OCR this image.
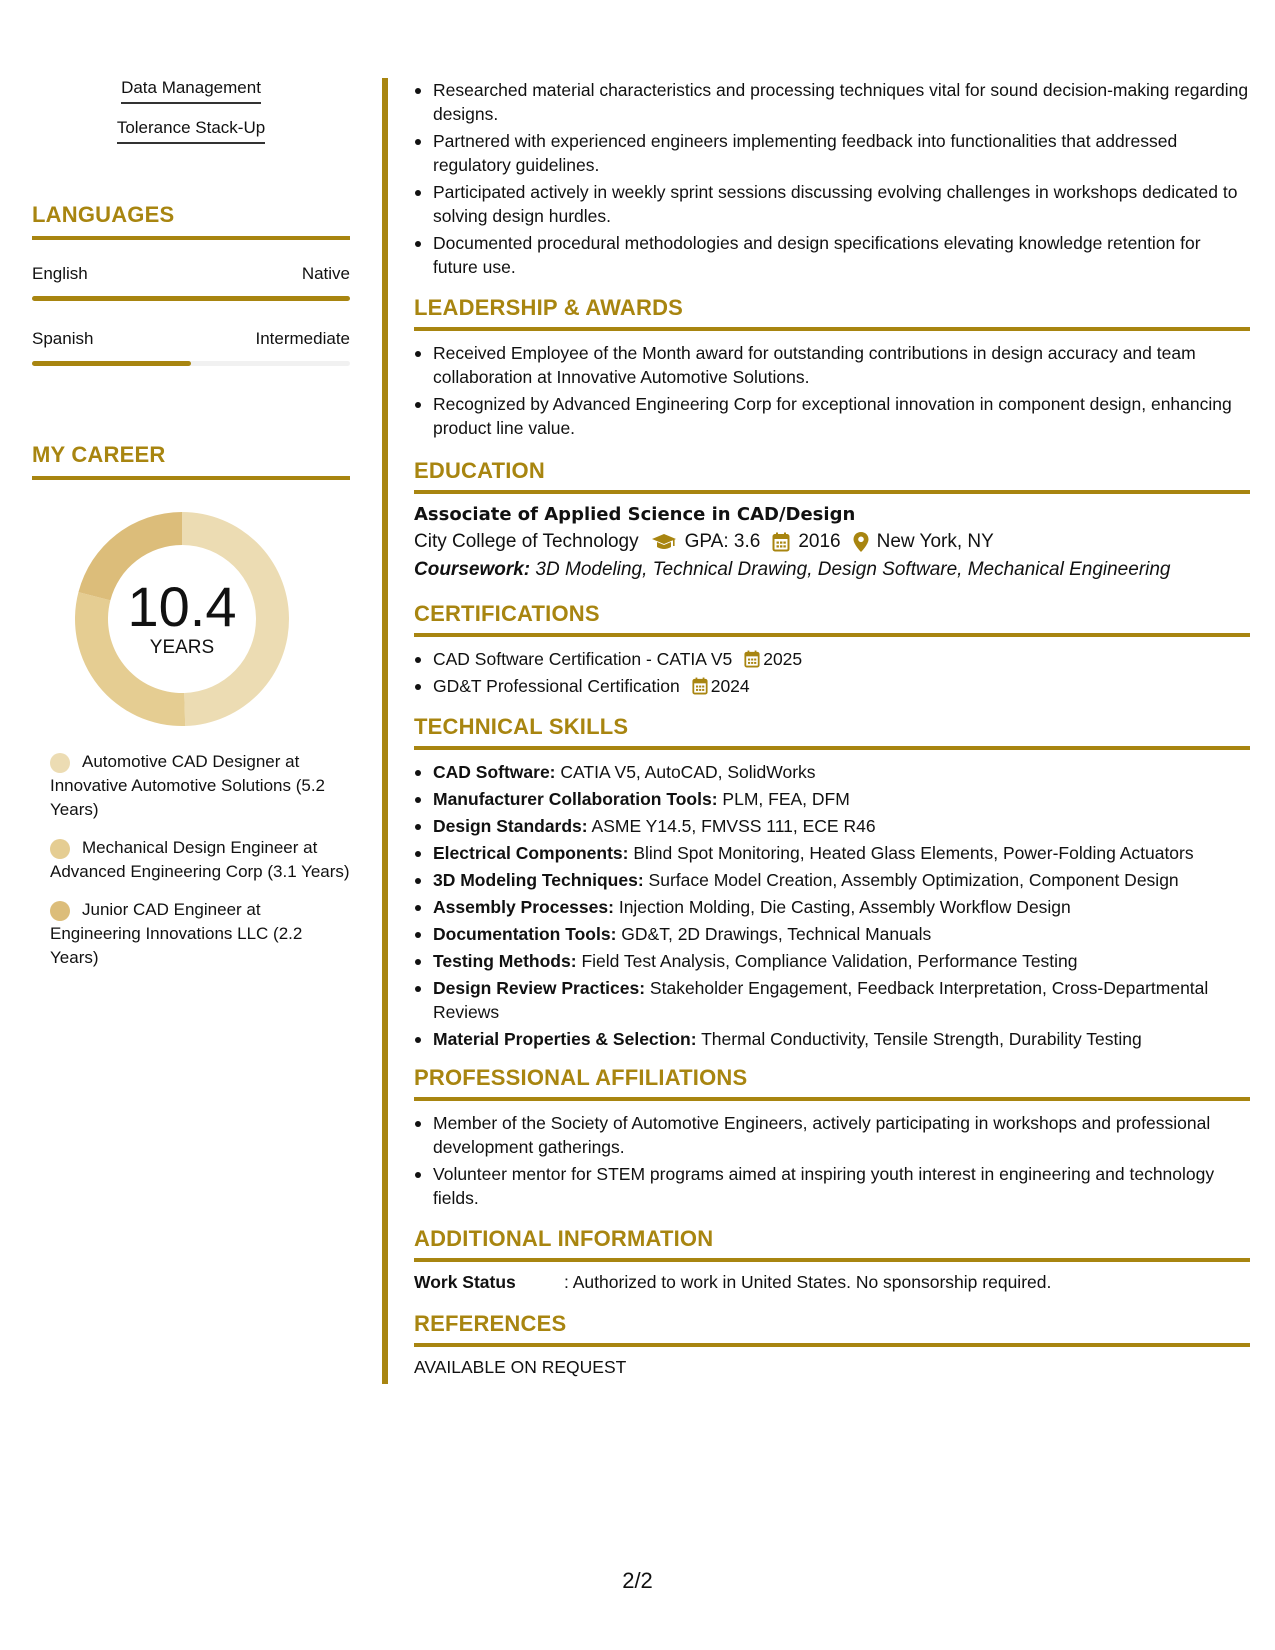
Data Management
Tolerance Stack-Up
LANGUAGES
English	Native
Spanish	Intermediate
MY CAREER
10.4
YEARS
Automotive CAD Designer at Innovative Automotive Solutions (5.2 Years)
Mechanical Design Engineer at Advanced Engineering Corp (3.1 Years)
Junior CAD Engineer at Engineering Innovations LLC (2.2 Years)
Researched material characteristics and processing techniques vital for sound decision-making regarding designs.
Partnered with experienced engineers implementing feedback into functionalities that addressed regulatory guidelines.
Participated actively in weekly sprint sessions discussing evolving challenges in workshops dedicated to solving design hurdles.
Documented procedural methodologies and design specifications elevating knowledge retention for future use.
LEADERSHIP & AWARDS
Received Employee of the Month award for outstanding contributions in design accuracy and team collaboration at Innovative Automotive Solutions.
Recognized by Advanced Engineering Corp for exceptional innovation in component design, enhancing product line value.
EDUCATION
Associate of Applied Science in CAD/Design
City College of Technology GPA: 3.6 2016 New York, NY
Coursework: 3D Modeling, Technical Drawing, Design Software, Mechanical Engineering
CERTIFICATIONS
CAD Software Certification - CATIA V5 2025
GD&T Professional Certification 2024
TECHNICAL SKILLS
CAD Software: CATIA V5, AutoCAD, SolidWorks
Manufacturer Collaboration Tools: PLM, FEA, DFM
Design Standards: ASME Y14.5, FMVSS 111, ECE R46
Electrical Components: Blind Spot Monitoring, Heated Glass Elements, Power-Folding Actuators
3D Modeling Techniques: Surface Model Creation, Assembly Optimization, Component Design
Assembly Processes: Injection Molding, Die Casting, Assembly Workflow Design
Documentation Tools: GD&T, 2D Drawings, Technical Manuals
Testing Methods: Field Test Analysis, Compliance Validation, Performance Testing
Design Review Practices: Stakeholder Engagement, Feedback Interpretation, Cross-Departmental Reviews
Material Properties & Selection: Thermal Conductivity, Tensile Strength, Durability Testing
PROFESSIONAL AFFILIATIONS
Member of the Society of Automotive Engineers, actively participating in workshops and professional development gatherings.
Volunteer mentor for STEM programs aimed at inspiring youth interest in engineering and technology fields.
ADDITIONAL INFORMATION
Work Status	: Authorized to work in United States. No sponsorship required.
REFERENCES
AVAILABLE ON REQUEST
2/2
